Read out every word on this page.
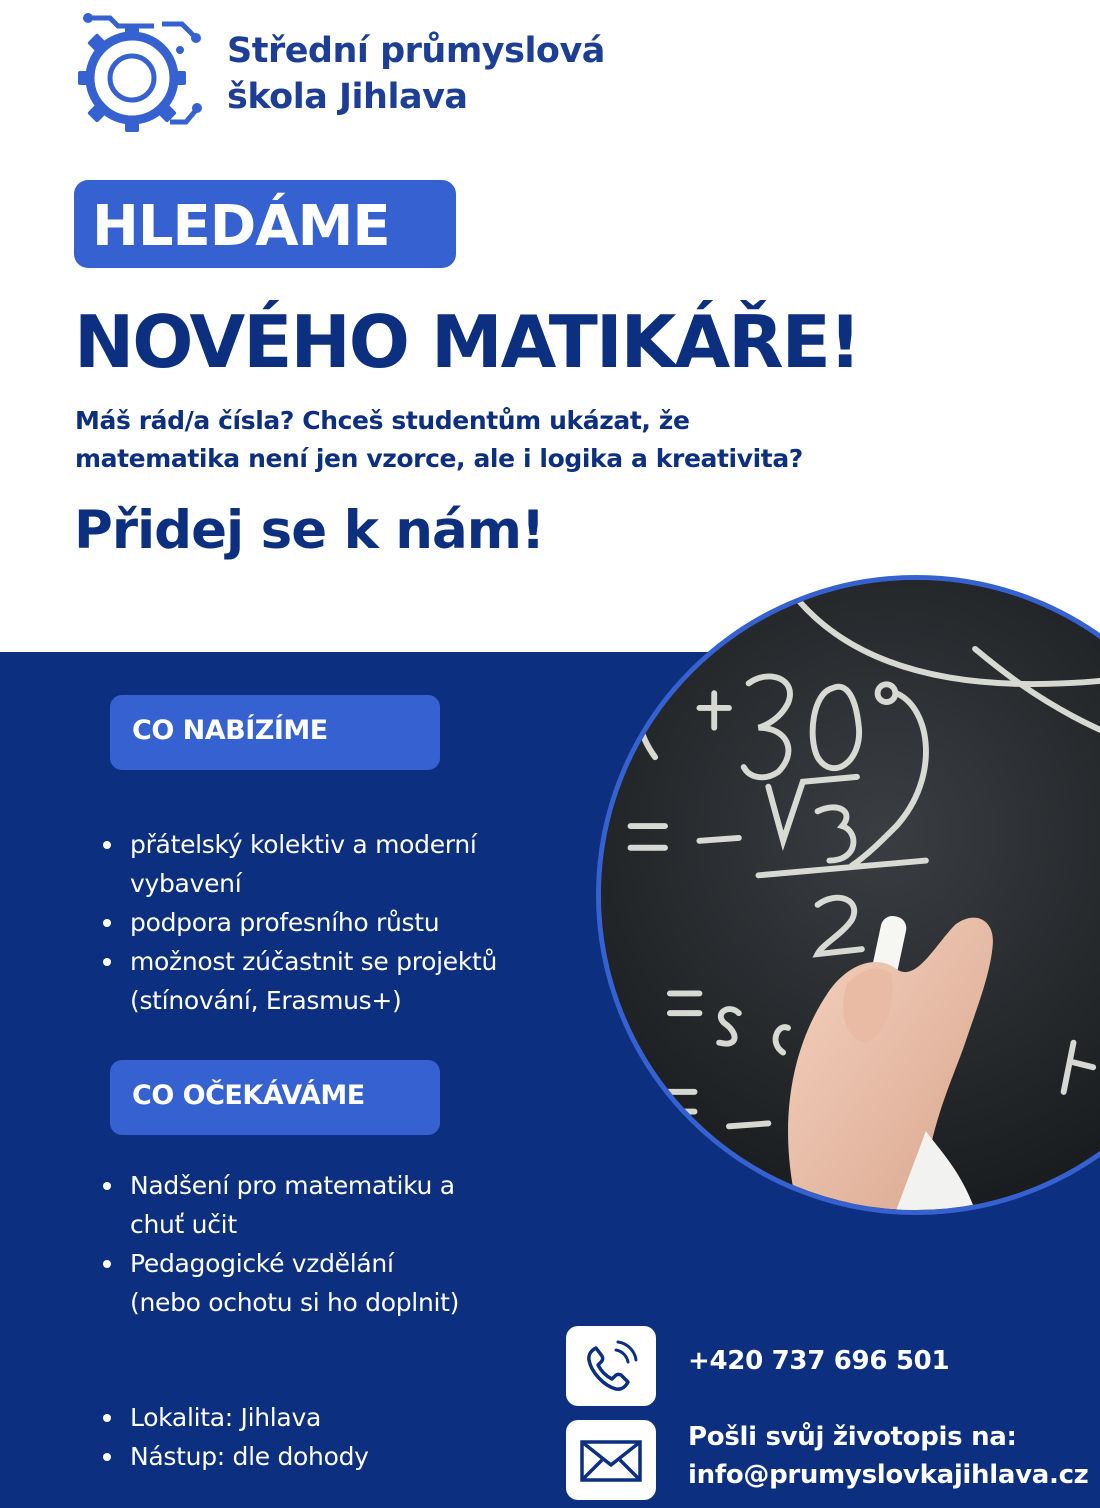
Střední průmyslová
škola Jihlava
HLEDÁME
NOVÉHO MATIKÁŘE!
Máš rád/a čísla? Chceš studentům ukázat, že
matematika není jen vzorce, ale i logika a kreativita?
Přidej se k nám!
CO NABÍZÍME
přátelský kolektiv a moderní
vybavení
podpora profesního růstu
možnost zúčastnit se projektů
(stínování, Erasmus+)
CO OČEKÁVÁME
Nadšení pro matematiku a
chuť učit
Pedagogické vzdělání
(nebo ochotu si ho doplnit)
Lokalita: Jihlava
Nástup: dle dohody
+420 737 696 501
Pošli svůj životopis na:
info@prumyslovkajihlava.cz
